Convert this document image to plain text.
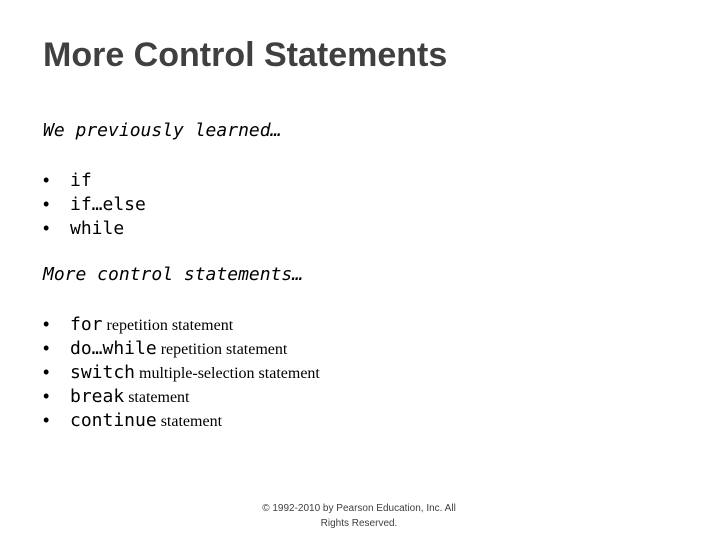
More Control Statements
We previously learned…
• if
• if…else
• while
More control statements…
• for repetition statement
• do…while repetition statement
• switch multiple-selection statement
• break statement
• continue statement
© 1992-2010 by Pearson Education, Inc. All
Rights Reserved.
